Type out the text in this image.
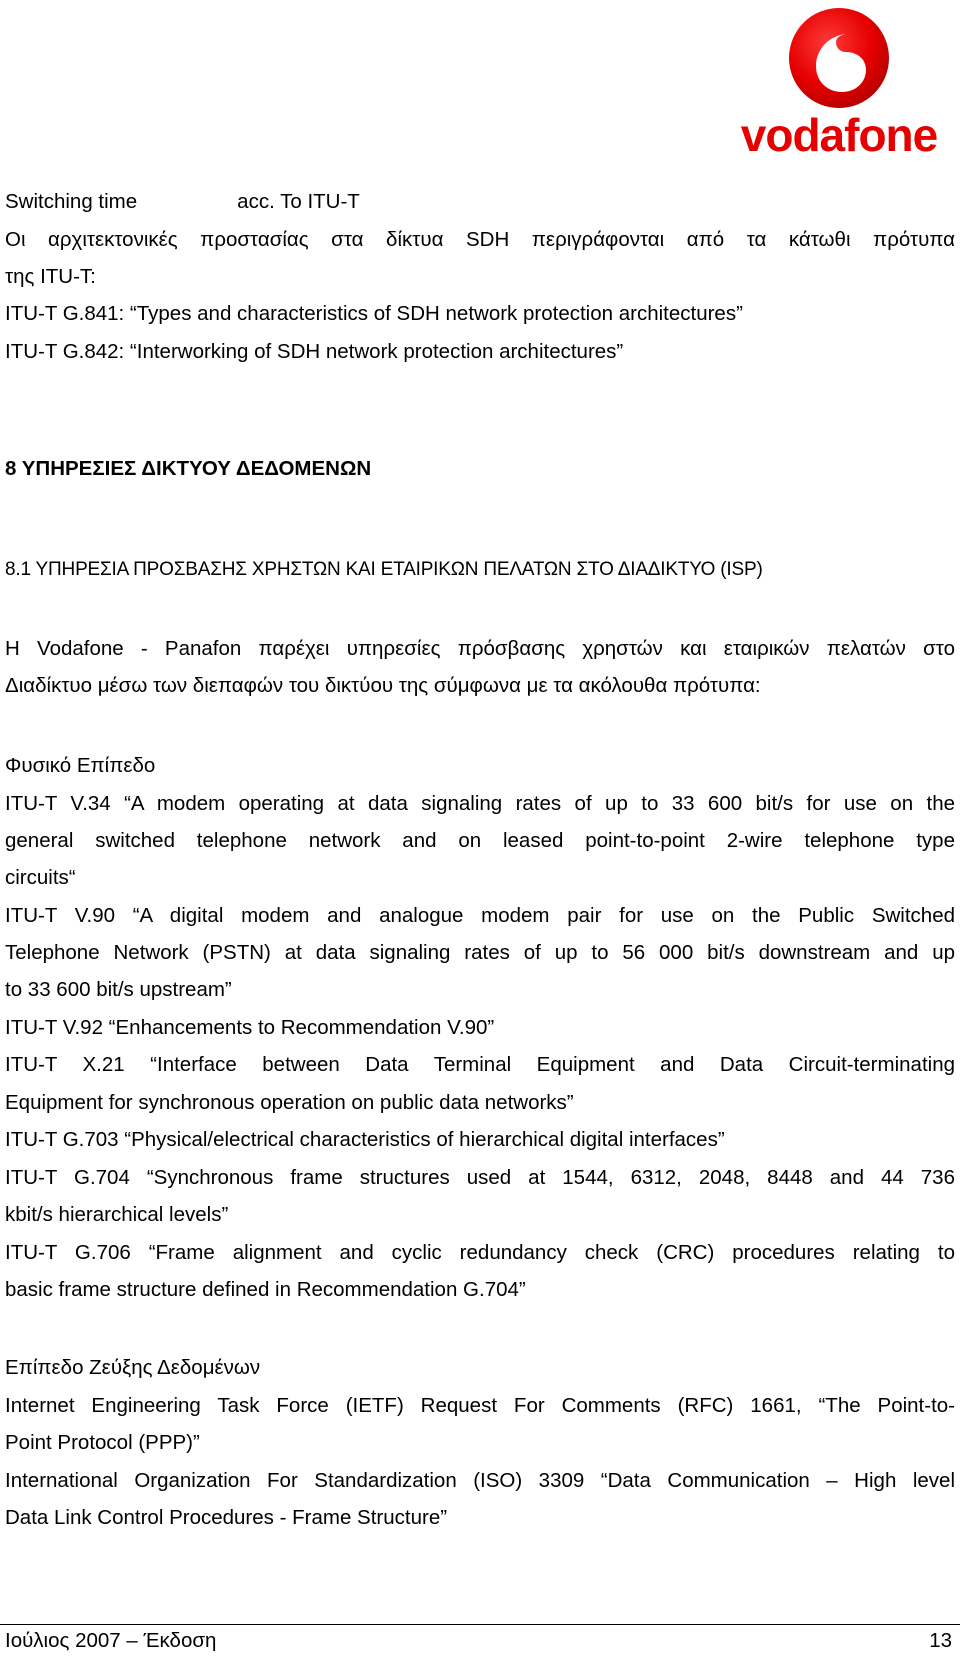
vodafone
Switching time	acc. To ITU-T
Οι αρχιτεκτονικές προστασίας στα δίκτυα SDH περιγράφονται από τα κάτωθι πρότυπα
της ITU-T:
ITU-T G.841: “Types and characteristics of SDH network protection architectures”
ITU-T G.842: “Interworking of SDH network protection architectures”
8 ΥΠΗΡΕΣΙΕΣ ΔΙΚΤΥΟΥ ΔΕΔΟΜΕΝΩΝ
8.1 ΥΠΗΡΕΣΙΑ ΠΡΟΣΒΑΣΗΣ ΧΡΗΣΤΩΝ ΚΑΙ ΕΤΑΙΡΙΚΩΝ ΠΕΛΑΤΩΝ ΣΤΟ ΔΙΑΔΙΚΤΥΟ (ISP)
Η Vodafone - Panafon παρέχει υπηρεσίες πρόσβασης χρηστών και εταιρικών πελατών στο
Διαδίκτυο μέσω των διεπαφών του δικτύου της σύμφωνα με τα ακόλουθα πρότυπα:
Φυσικό Επίπεδο
ITU-T V.34 “A modem operating at data signaling rates of up to 33 600 bit/s for use on the
general switched telephone network and on leased point-to-point 2-wire telephone type
circuits“
ITU-T V.90 “A digital modem and analogue modem pair for use on the Public Switched
Telephone Network (PSTN) at data signaling rates of up to 56 000 bit/s downstream and up
to 33 600 bit/s upstream”
ITU-T V.92 “Enhancements to Recommendation V.90”
ITU-T X.21 “Interface between Data Terminal Equipment and Data Circuit-terminating
Equipment for synchronous operation on public data networks”
ITU-T G.703 “Physical/electrical characteristics of hierarchical digital interfaces”
ITU-T G.704 “Synchronous frame structures used at 1544, 6312, 2048, 8448 and 44 736
kbit/s hierarchical levels”
ITU-T G.706 “Frame alignment and cyclic redundancy check (CRC) procedures relating to
basic frame structure defined in Recommendation G.704”
Επίπεδο Ζεύξης Δεδομένων
Internet Engineering Task Force (IETF) Request For Comments (RFC) 1661, “The Point-to-
Point Protocol (PPP)”
International Organization For Standardization (ISO) 3309 “Data Communication – High level
Data Link Control Procedures - Frame Structure”
Ιούλιος 2007 – Έκδοση	13
